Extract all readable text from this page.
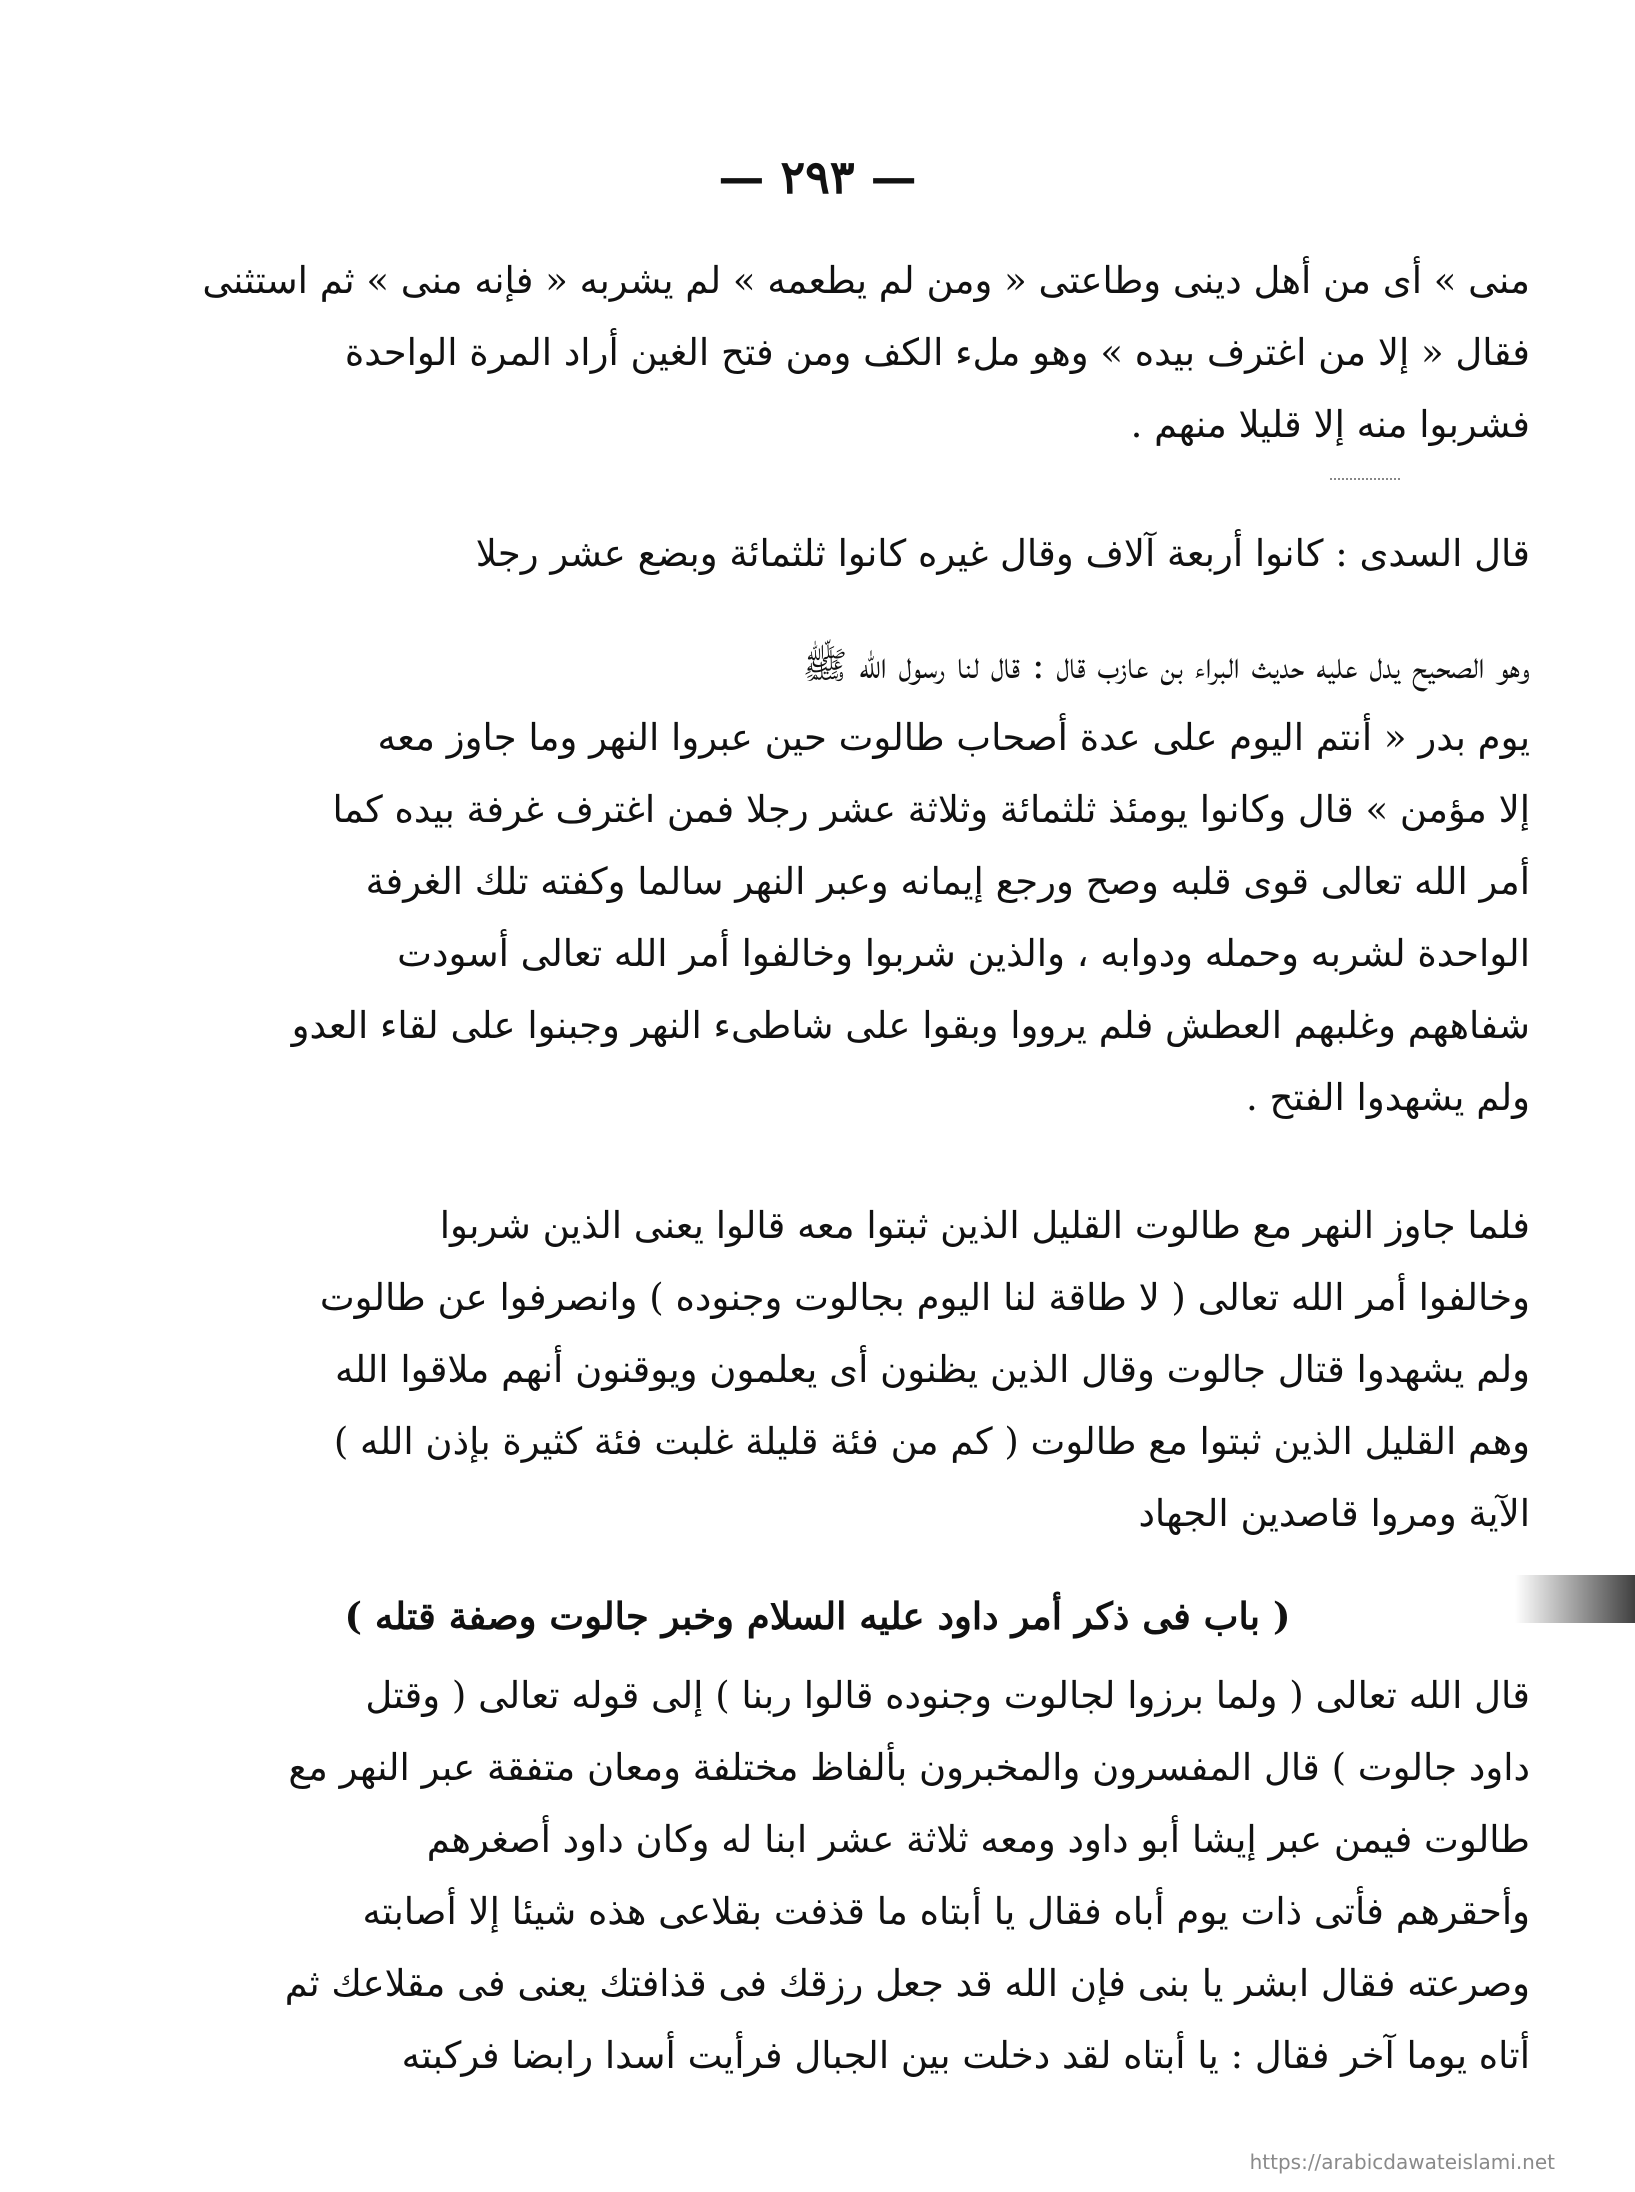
— ٢٩٣ —

منى » أى من أهل دينى وطاعتى « ومن لم يطعمه » لم يشربه « فإنه منى » ثم استثنى

فقال « إلا من اغترف بيده » وهو ملء الكف ومن فتح الغين أراد المرة الواحدة

فشربوا منه إلا قليلا منهم .

قال السدى : كانوا أربعة آلاف وقال غيره كانوا ثلثمائة وبضع عشر رجلا

وهو الصحيح يدل عليه حديث البراء بن عازب قال : قال لنا رسول الله ﷺ

يوم بدر « أنتم اليوم على عدة أصحاب طالوت حين عبروا النهر وما جاوز معه

إلا مؤمن » قال وكانوا يومئذ ثلثمائة وثلاثة عشر رجلا فمن اغترف غرفة بيده كما

أمر الله تعالى قوى قلبه وصح ورجع إيمانه وعبر النهر سالما وكفته تلك الغرفة

الواحدة لشربه وحمله ودوابه ، والذين شربوا وخالفوا أمر الله تعالى أسودت

شفاههم وغلبهم العطش فلم يرووا وبقوا على شاطىء النهر وجبنوا على لقاء العدو

ولم يشهدوا الفتح .

فلما جاوز النهر مع طالوت القليل الذين ثبتوا معه قالوا يعنى الذين شربوا

وخالفوا أمر الله تعالى ( لا طاقة لنا اليوم بجالوت وجنوده ) وانصرفوا عن طالوت

ولم يشهدوا قتال جالوت وقال الذين يظنون أى يعلمون ويوقنون أنهم ملاقوا الله

وهم القليل الذين ثبتوا مع طالوت ( كم من فئة قليلة غلبت فئة كثيرة بإذن الله )

الآية ومروا قاصدين الجهاد

( باب فى ذكر أمر داود عليه السلام وخبر جالوت وصفة قتله )

قال الله تعالى ( ولما برزوا لجالوت وجنوده قالوا ربنا ) إلى قوله تعالى ( وقتل

داود جالوت ) قال المفسرون والمخبرون بألفاظ مختلفة ومعان متفقة عبر النهر مع

طالوت فيمن عبر إيشا أبو داود ومعه ثلاثة عشر ابنا له وكان داود أصغرهم

وأحقرهم فأتى ذات يوم أباه فقال يا أبتاه ما قذفت بقلاعى هذه شيئا إلا أصابته

وصرعته فقال ابشر يا بنى فإن الله قد جعل رزقك فى قذافتك يعنى فى مقلاعك ثم

أتاه يوما آخر فقال : يا أبتاه لقد دخلت بين الجبال فرأيت أسدا رابضا فركبته

https://arabicdawateislami.net
